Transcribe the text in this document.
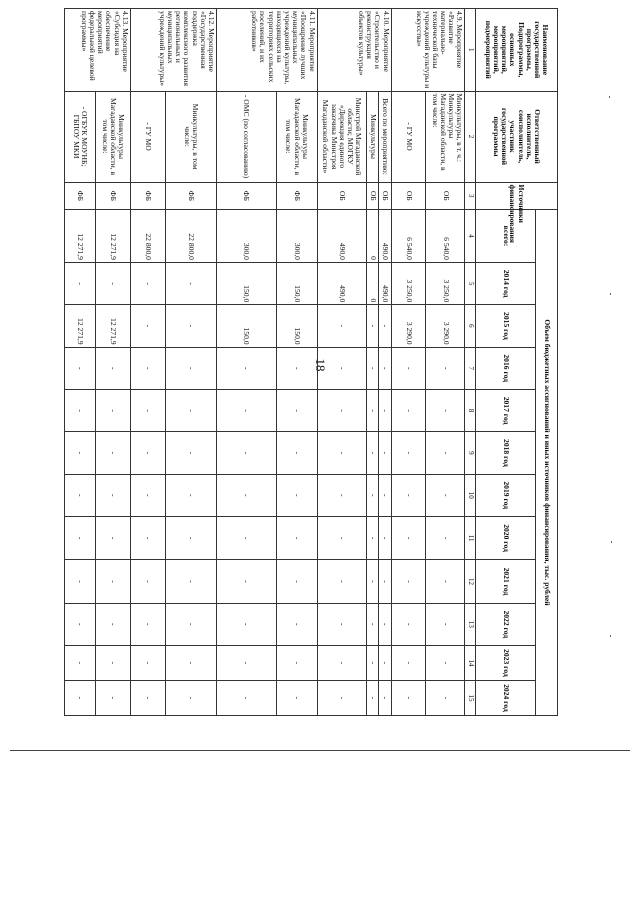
18
Наименование государственной программы, Подпрограммы, основных мероприятий, мероприятий, подмероприятий	Ответственный исполнитель, соисполнитель, участник государственной программы	Источники финансирования	Объем бюджетных ассигнований и иных источников финансирования, тыс. рублей											
			всего:	2014 год	2015 год	2016 год	2017 год	2018 год	2019 год	2020 год	2021 год	2022 год	2023 год	2024 год
1	2	3	4	5	6	7	8	9	10	11	12	13	14	15
4.9. Мероприятие «Развитие материально-технической базы учреждений культуры и искусства»	Минкультуры, в т. ч.: Минкультуры Магаданской области, в том числе:	ОБ	6 540,0	3 250,0	3 290,0	-	-	-	-	-	-	-	-	-
	- ГУ МО	ОБ	6 540,0	3 250,0	3 290,0	-	-	-	-	-	-	-	-	-
4.10. Мероприятие «Строительство и реконструкция объектов культуры»	Всего по мероприятию:	ОБ	490,0	490,0	-	-	-	-	-	-	-	-	-	-
	Минкультуры	ОБ	0	0	-	-	-	-	-	-	-	-	-	-
	Минстрой Магаданской области; МОГКУ «Дирекция единого заказчика Минстроя Магаданской области»	ОБ	490,0	490,0	-	-	-	-	-	-	-	-	-	-
4.11. Мероприятие «Поощрение лучших муниципальных учреждений культуры, находящихся на территориях сельских поселений, и их работников»	Минкультуры Магаданской области, в том числе:	ФБ	300,0	150,0	150,0	-	-	-	-	-	-	-	-	-
	- ОМС (по согласованию)	ФБ	300,0	150,0	150,0	-	-	-	-	-	-	-	-	-
4.12. Мероприятие «Государственная поддержка комплексного развития региональных и муниципальных учреждений культуры»	Минкультуры, в том числе:	ФБ	22 800,0	-	-	-	-	-	-	-	-	-	-	-
	- ГУ МО	ФБ	22 800,0	-	-	-	-	-	-	-	-	-	-	-
4.13. Мероприятие «Субсидия на обеспечение мероприятий федеральной целевой программы»	Минкультуры Магаданской области, в том числе:	ФБ	12 271,9	-	12 271,9	-	-	-	-	-	-	-	-	-
	- ОГБУК МОУНБ; ГБПОУ МКИ	ФБ	12 271,9	-	12 271,9	-	-	-	-	-	-	-	-	-
